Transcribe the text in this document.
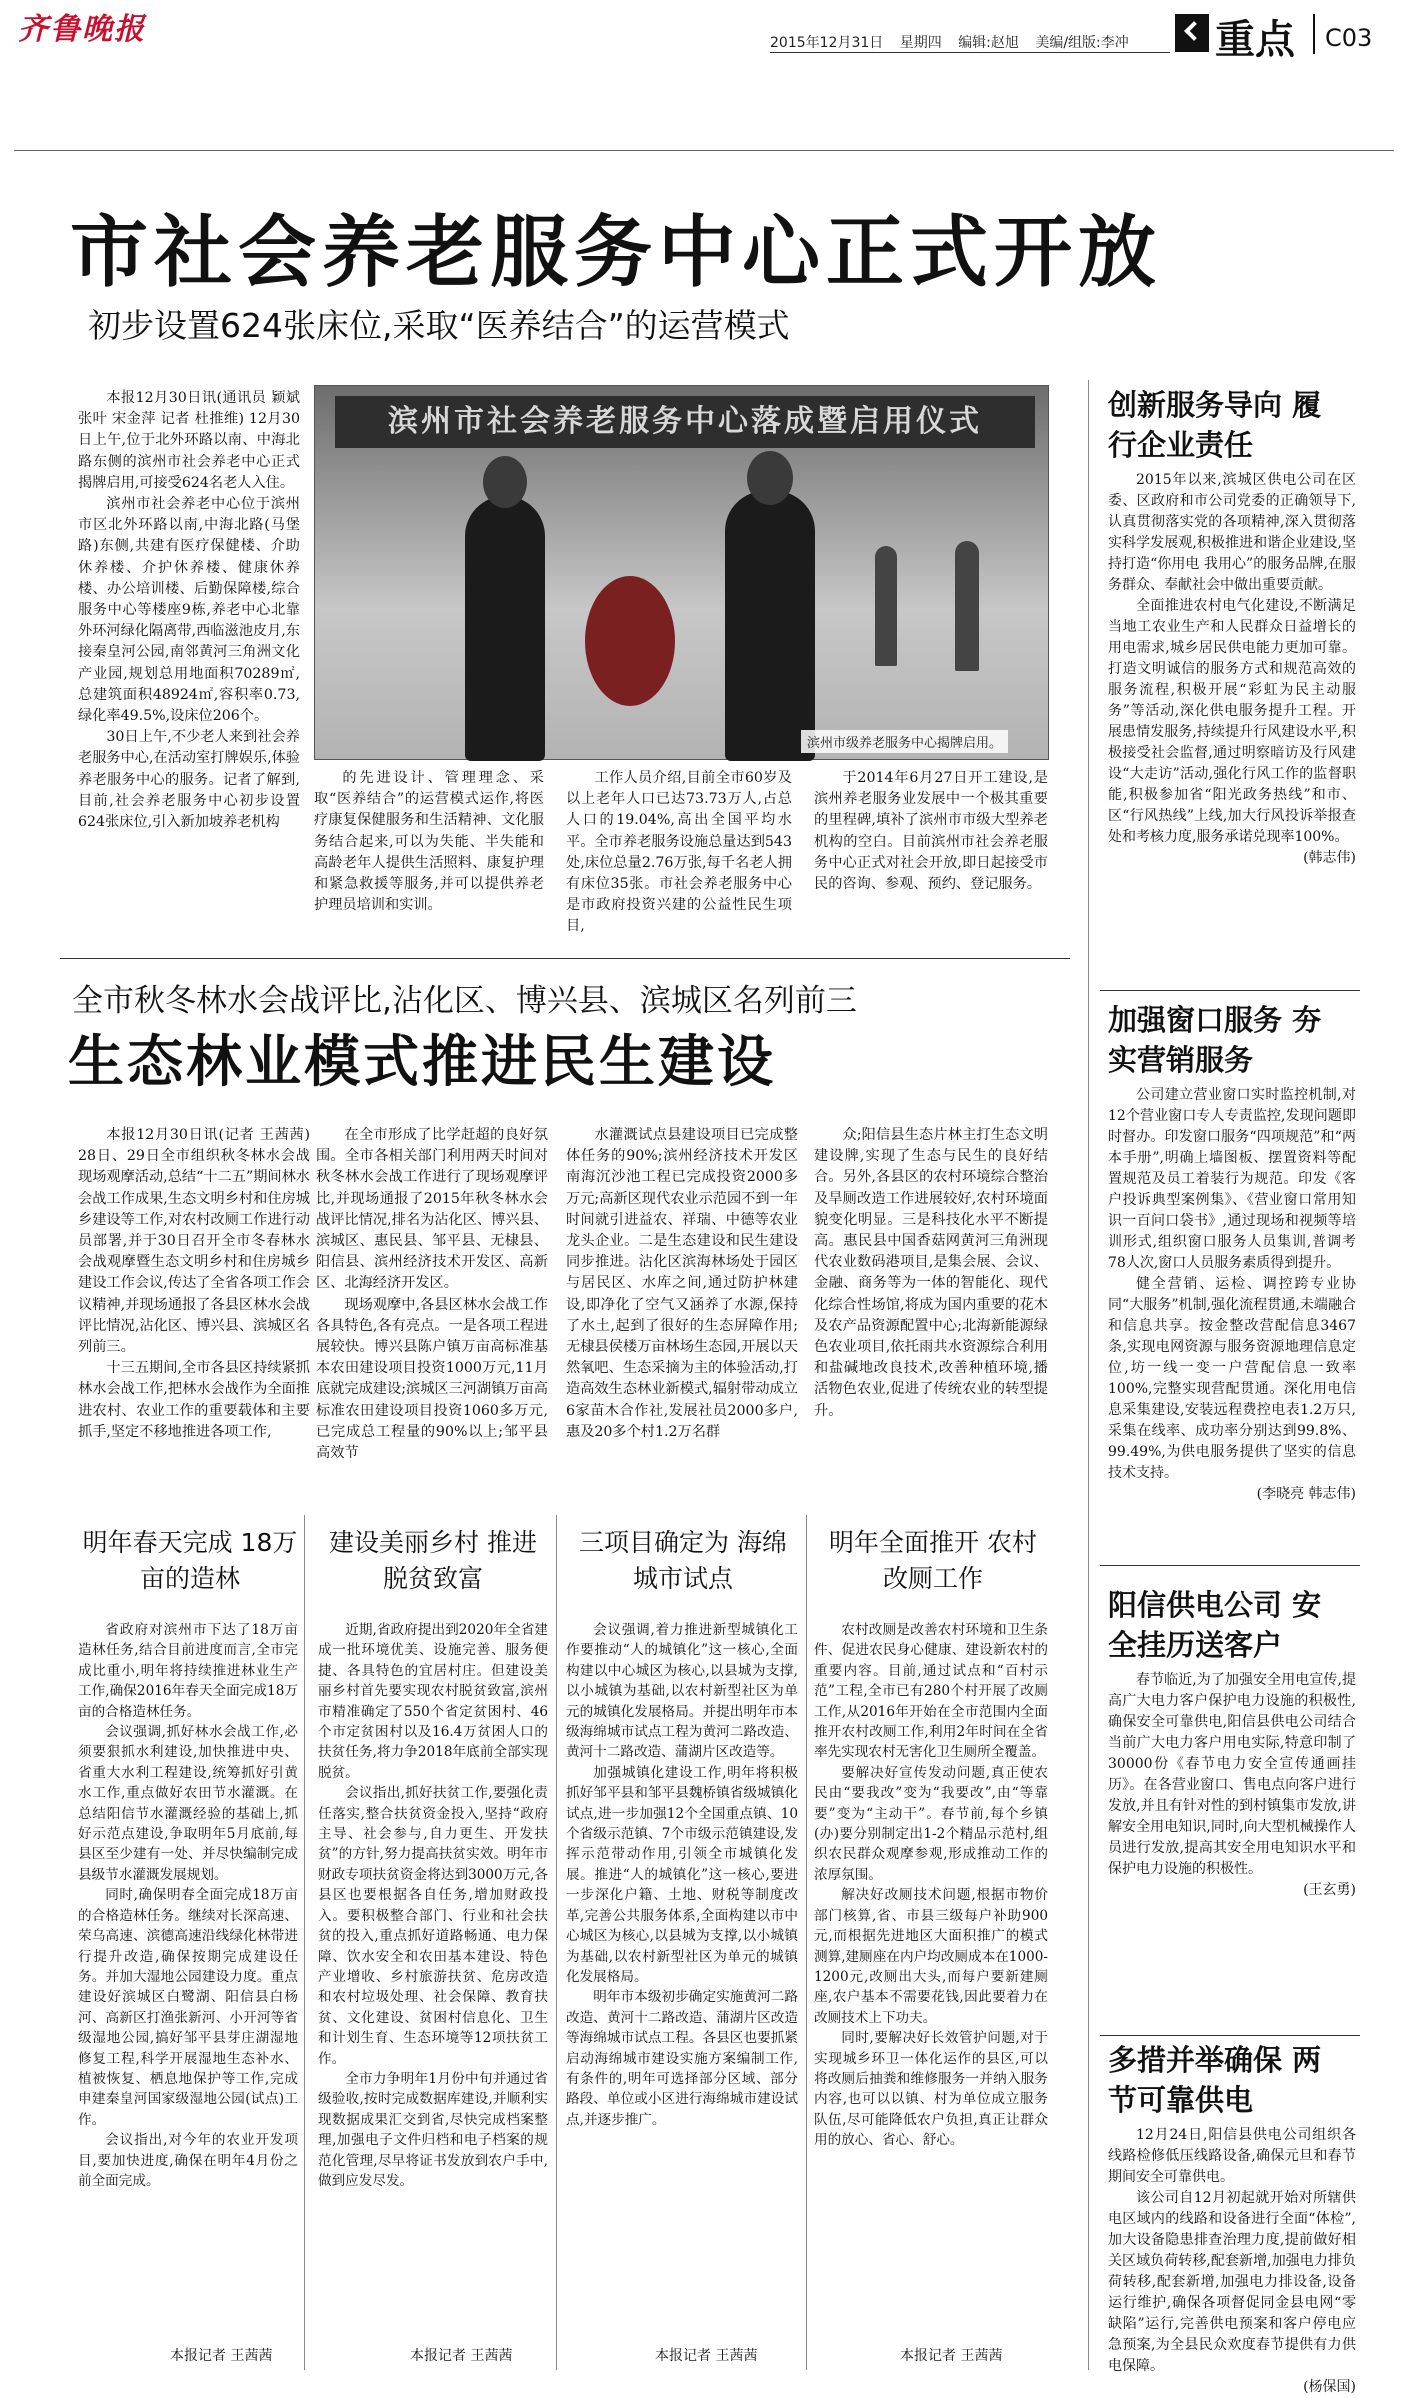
齐鲁晚报	2015年12月31日 星期四 编辑:赵旭 美编/组版:李冲	重点 C03
市社会养老服务中心正式开放
初步设置624张床位,采取“医养结合”的运营模式

本报12月30日讯(通讯员 颖斌 张叶 宋金萍 记者 杜推维) 12月30日上午,位于北外环路以南、中海北路东侧的滨州市社会养老中心正式揭牌启用,可接受624名老人入住。

滨州市社会养老中心位于滨州市区北外环路以南,中海北路(马堡路)东侧,共建有医疗保健楼、介助休养楼、介护休养楼、健康休养楼、办公培训楼、后勤保障楼,综合服务中心等楼座9栋,养老中心北靠外环河绿化隔离带,西临滋池皮月,东接秦皇河公园,南邻黄河三角洲文化产业园,规划总用地面积70289㎡,总建筑面积48924㎡,容积率0.73,绿化率49.5%,设床位206个。

30日上午,不少老人来到社会养老服务中心,在活动室打牌娱乐,体验养老服务中心的服务。记者了解到,目前,社会养老服务中心初步设置624张床位,引入新加坡养老机构

滨州市社会养老服务中心落成暨启用仪式
滨州市级养老服务中心揭牌启用。

的先进设计、管理理念、采取“医养结合”的运营模式运作,将医疗康复保健服务和生活精神、文化服务结合起来,可以为失能、半失能和高龄老年人提供生活照料、康复护理和紧急救援等服务,并可以提供养老护理员培训和实训。

工作人员介绍,目前全市60岁及以上老年人口已达73.73万人,占总人口的19.04%,高出全国平均水平。全市养老服务设施总量达到543处,床位总量2.76万张,每千名老人拥有床位35张。市社会养老服务中心是市政府投资兴建的公益性民生项目,

于2014年6月27日开工建设,是滨州养老服务业发展中一个极其重要的里程碑,填补了滨州市市级大型养老机构的空白。目前滨州市社会养老服务中心正式对社会开放,即日起接受市民的咨询、参观、预约、登记服务。

创新服务导向 履行企业责任

2015年以来,滨城区供电公司在区委、区政府和市公司党委的正确领导下,认真贯彻落实党的各项精神,深入贯彻落实科学发展观,积极推进和谐企业建设,坚持打造“你用电 我用心”的服务品牌,在服务群众、奉献社会中做出重要贡献。

全面推进农村电气化建设,不断满足当地工农业生产和人民群众日益增长的用电需求,城乡居民供电能力更加可靠。打造文明诚信的服务方式和规范高效的服务流程,积极开展“彩虹为民主动服务”等活动,深化供电服务提升工程。开展患情发服务,持续提升行风建设水平,积极接受社会监督,通过明察暗访及行风建设“大走访”活动,强化行风工作的监督职能,积极参加省“阳光政务热线”和市、区“行风热线”上线,加大行风投诉举报查处和考核力度,服务承诺兑现率100%。

(韩志伟)
加强窗口服务 夯实营销服务

公司建立营业窗口实时监控机制,对12个营业窗口专人专责监控,发现问题即时督办。印发窗口服务“四项规范”和“两本手册”,明确上墙图板、摆置资料等配置规范及员工着装行为规范。印发《客户投诉典型案例集》、《营业窗口常用知识一百问口袋书》,通过现场和视频等培训形式,组织窗口服务人员集训,普调考78人次,窗口人员服务素质得到提升。

健全营销、运检、调控跨专业协同“大服务”机制,强化流程贯通,未端融合和信息共享。按金整改营配信息3467条,实现电网资源与服务资源地理信息定位,坊一线一变一户营配信息一致率100%,完整实现营配贯通。深化用电信息采集建设,安装远程费控电表1.2万只,采集在线率、成功率分别达到99.8%、99.49%,为供电服务提供了坚实的信息技术支持。

(李晓亮 韩志伟)
阳信供电公司 安全挂历送客户

春节临近,为了加强安全用电宣传,提高广大电力客户保护电力设施的积极性,确保安全可靠供电,阳信县供电公司结合当前广大电力客户用电实际,特意印制了30000份《春节电力安全宣传通画挂历》。在各营业窗口、售电点向客户进行发放,并且有针对性的到村镇集市发放,讲解安全用电知识,同时,向大型机械操作人员进行发放,提高其安全用电知识水平和保护电力设施的积极性。

(王玄勇)
多措并举确保 两节可靠供电

12月24日,阳信县供电公司组织各线路检修低压线路设备,确保元旦和春节期间安全可靠供电。

该公司自12月初起就开始对所辖供电区域内的线路和设备进行全面“体检”,加大设备隐患排查治理力度,提前做好相关区域负荷转移,配套新增,加强电力排负荷转移,配套新增,加强电力排设备,设备运行维护,确保各项督促同金县电网“零缺陷”运行,完善供电预案和客户停电应急预案,为全县民众欢度春节提供有力供电保障。

(杨保国)
全市秋冬林水会战评比,沾化区、博兴县、滨城区名列前三
生态林业模式推进民生建设

本报12月30日讯(记者 王茜茜) 28日、29日全市组织秋冬林水会战现场观摩活动,总结“十二五”期间林水会战工作成果,生态文明乡村和住房城乡建设等工作,对农村改厕工作进行动员部署,并于30日召开全市冬春林水会战观摩暨生态文明乡村和住房城乡建设工作会议,传达了全省各项工作会议精神,并现场通报了各县区林水会战评比情况,沾化区、博兴县、滨城区名列前三。

十三五期间,全市各县区持续紧抓林水会战工作,把林水会战作为全面推进农村、农业工作的重要载体和主要抓手,坚定不移地推进各项工作,

在全市形成了比学赶超的良好氛围。全市各相关部门利用两天时间对秋冬林水会战工作进行了现场观摩评比,并现场通报了2015年秋冬林水会战评比情况,排名为沾化区、博兴县、滨城区、惠民县、邹平县、无棣县、阳信县、滨州经济技术开发区、高新区、北海经济开发区。

现场观摩中,各县区林水会战工作各具特色,各有亮点。一是各项工程进展较快。博兴县陈户镇万亩高标准基本农田建设项目投资1000万元,11月底就完成建设;滨城区三河湖镇万亩高标准农田建设项目投资1060多万元,已完成总工程量的90%以上;邹平县高效节

水灌溉试点县建设项目已完成整体任务的90%;滨州经济技术开发区南海沉沙池工程已完成投资2000多万元;高新区现代农业示范园不到一年时间就引进益农、祥瑞、中德等农业龙头企业。二是生态建设和民生建设同步推进。沾化区滨海林场处于园区与居民区、水库之间,通过防护林建设,即净化了空气又涵养了水源,保持了水土,起到了很好的生态屏障作用;无棣县侯楼万亩林场生态园,开展以天然氧吧、生态采摘为主的体验活动,打造高效生态林业新模式,辐射带动成立6家苗木合作社,发展社员2000多户,惠及20多个村1.2万名群

众;阳信县生态片林主打生态文明建设牌,实现了生态与民生的良好结合。另外,各县区的农村环境综合整治及旱厕改造工作进展较好,农村环境面貌变化明显。三是科技化水平不断提高。惠民县中国香菇网黄河三角洲现代农业数码港项目,是集会展、会议、金融、商务等为一体的智能化、现代化综合性场馆,将成为国内重要的花木及农产品资源配置中心;北海新能源绿色农业项目,依托雨共水资源综合利用和盐碱地改良技术,改善种植环境,播活物色农业,促进了传统农业的转型提升。

明年春天完成 18万亩的造林

省政府对滨州市下达了18万亩造林任务,结合目前进度而言,全市完成比重小,明年将持续推进林业生产工作,确保2016年春天全面完成18万亩的合格造林任务。

会议强调,抓好林水会战工作,必须要狠抓水利建设,加快推进中央、省重大水利工程建设,统筹抓好引黄水工作,重点做好农田节水灌溉。在总结阳信节水灌溉经验的基础上,抓好示范点建设,争取明年5月底前,每县区至少建有一处、并尽快编制完成县级节水灌溉发展规划。

同时,确保明春全面完成18万亩的合格造林任务。继续对长深高速、荣乌高速、滨德高速沿线绿化林带进行提升改造,确保按期完成建设任务。并加大湿地公园建设力度。重点建设好滨城区白鹭湖、阳信县白杨河、高新区打渔张新河、小开河等省级湿地公园,搞好邹平县芽庄湖湿地修复工程,科学开展湿地生态补水、植被恢复、栖息地保护等工作,完成申建秦皇河国家级湿地公园(试点)工作。

会议指出,对今年的农业开发项目,要加快进度,确保在明年4月份之前全面完成。

本报记者 王茜茜
建设美丽乡村 推进脱贫致富

近期,省政府提出到2020年全省建成一批环境优美、设施完善、服务便捷、各具特色的宜居村庄。但建设美丽乡村首先要实现农村脱贫致富,滨州市精准确定了550个省定贫困村、46个市定贫困村以及16.4万贫困人口的扶贫任务,将力争2018年底前全部实现脱贫。

会议指出,抓好扶贫工作,要强化责任落实,整合扶贫资金投入,坚持“政府主导、社会参与,自力更生、开发扶贫”的方针,努力提高扶贫实效。明年市财政专项扶贫资金将达到3000万元,各县区也要根据各自任务,增加财政投入。要积极整合部门、行业和社会扶贫的投入,重点抓好道路畅通、电力保障、饮水安全和农田基本建设、特色产业增收、乡村旅游扶贫、危房改造和农村垃圾处理、社会保障、教育扶贫、文化建设、贫困村信息化、卫生和计划生育、生态环境等12项扶贫工作。

全市力争明年1月份中旬并通过省级验收,按时完成数据库建设,并顺利实现数据成果汇交到省,尽快完成档案整理,加强电子文件归档和电子档案的规范化管理,尽早将证书发放到农户手中,做到应发尽发。

本报记者 王茜茜
三项目确定为 海绵城市试点

会议强调,着力推进新型城镇化工作要推动“人的城镇化”这一核心,全面构建以中心城区为核心,以县城为支撑,以小城镇为基础,以农村新型社区为单元的城镇化发展格局。并提出明年市本级海绵城市试点工程为黄河二路改造、黄河十二路改造、蒲湖片区改造等。

加强城镇化建设工作,明年将积极抓好邹平县和邹平县魏桥镇省级城镇化试点,进一步加强12个全国重点镇、10个省级示范镇、7个市级示范镇建设,发挥示范带动作用,引领全市城镇化发展。推进“人的城镇化”这一核心,要进一步深化户籍、土地、财税等制度改革,完善公共服务体系,全面构建以市中心城区为核心,以县城为支撑,以小城镇为基础,以农村新型社区为单元的城镇化发展格局。

明年市本级初步确定实施黄河二路改造、黄河十二路改造、蒲湖片区改造等海绵城市试点工程。各县区也要抓紧启动海绵城市建设实施方案编制工作,有条件的,明年可选择部分区域、部分路段、单位或小区进行海绵城市建设试点,并逐步推广。

本报记者 王茜茜
明年全面推开 农村改厕工作

农村改厕是改善农村环境和卫生条件、促进农民身心健康、建设新农村的重要内容。目前,通过试点和“百村示范”工程,全市已有280个村开展了改厕工作,从2016年开始在全市范围内全面推开农村改厕工作,利用2年时间在全省率先实现农村无害化卫生厕所全覆盖。

要解决好宣传发动问题,真正使农民由“要我改”变为“我要改”,由“等靠要”变为“主动干”。春节前,每个乡镇(办)要分别制定出1-2个精品示范村,组织农民群众观摩参观,形成推动工作的浓厚氛围。

解决好改厕技术问题,根据市物价部门核算,省、市县三级每户补助900元,而根据先进地区大面积推广的模式测算,建厕座在内户均改厕成本在1000-1200元,改厕出大头,而每户要新建厕座,农户基本不需要花钱,因此要着力在改厕技术上下功夫。

同时,要解决好长效管护问题,对于实现城乡环卫一体化运作的县区,可以将改厕后抽粪和维修服务一并纳入服务内容,也可以以镇、村为单位成立服务队伍,尽可能降低农户负担,真正让群众用的放心、省心、舒心。

本报记者 王茜茜
